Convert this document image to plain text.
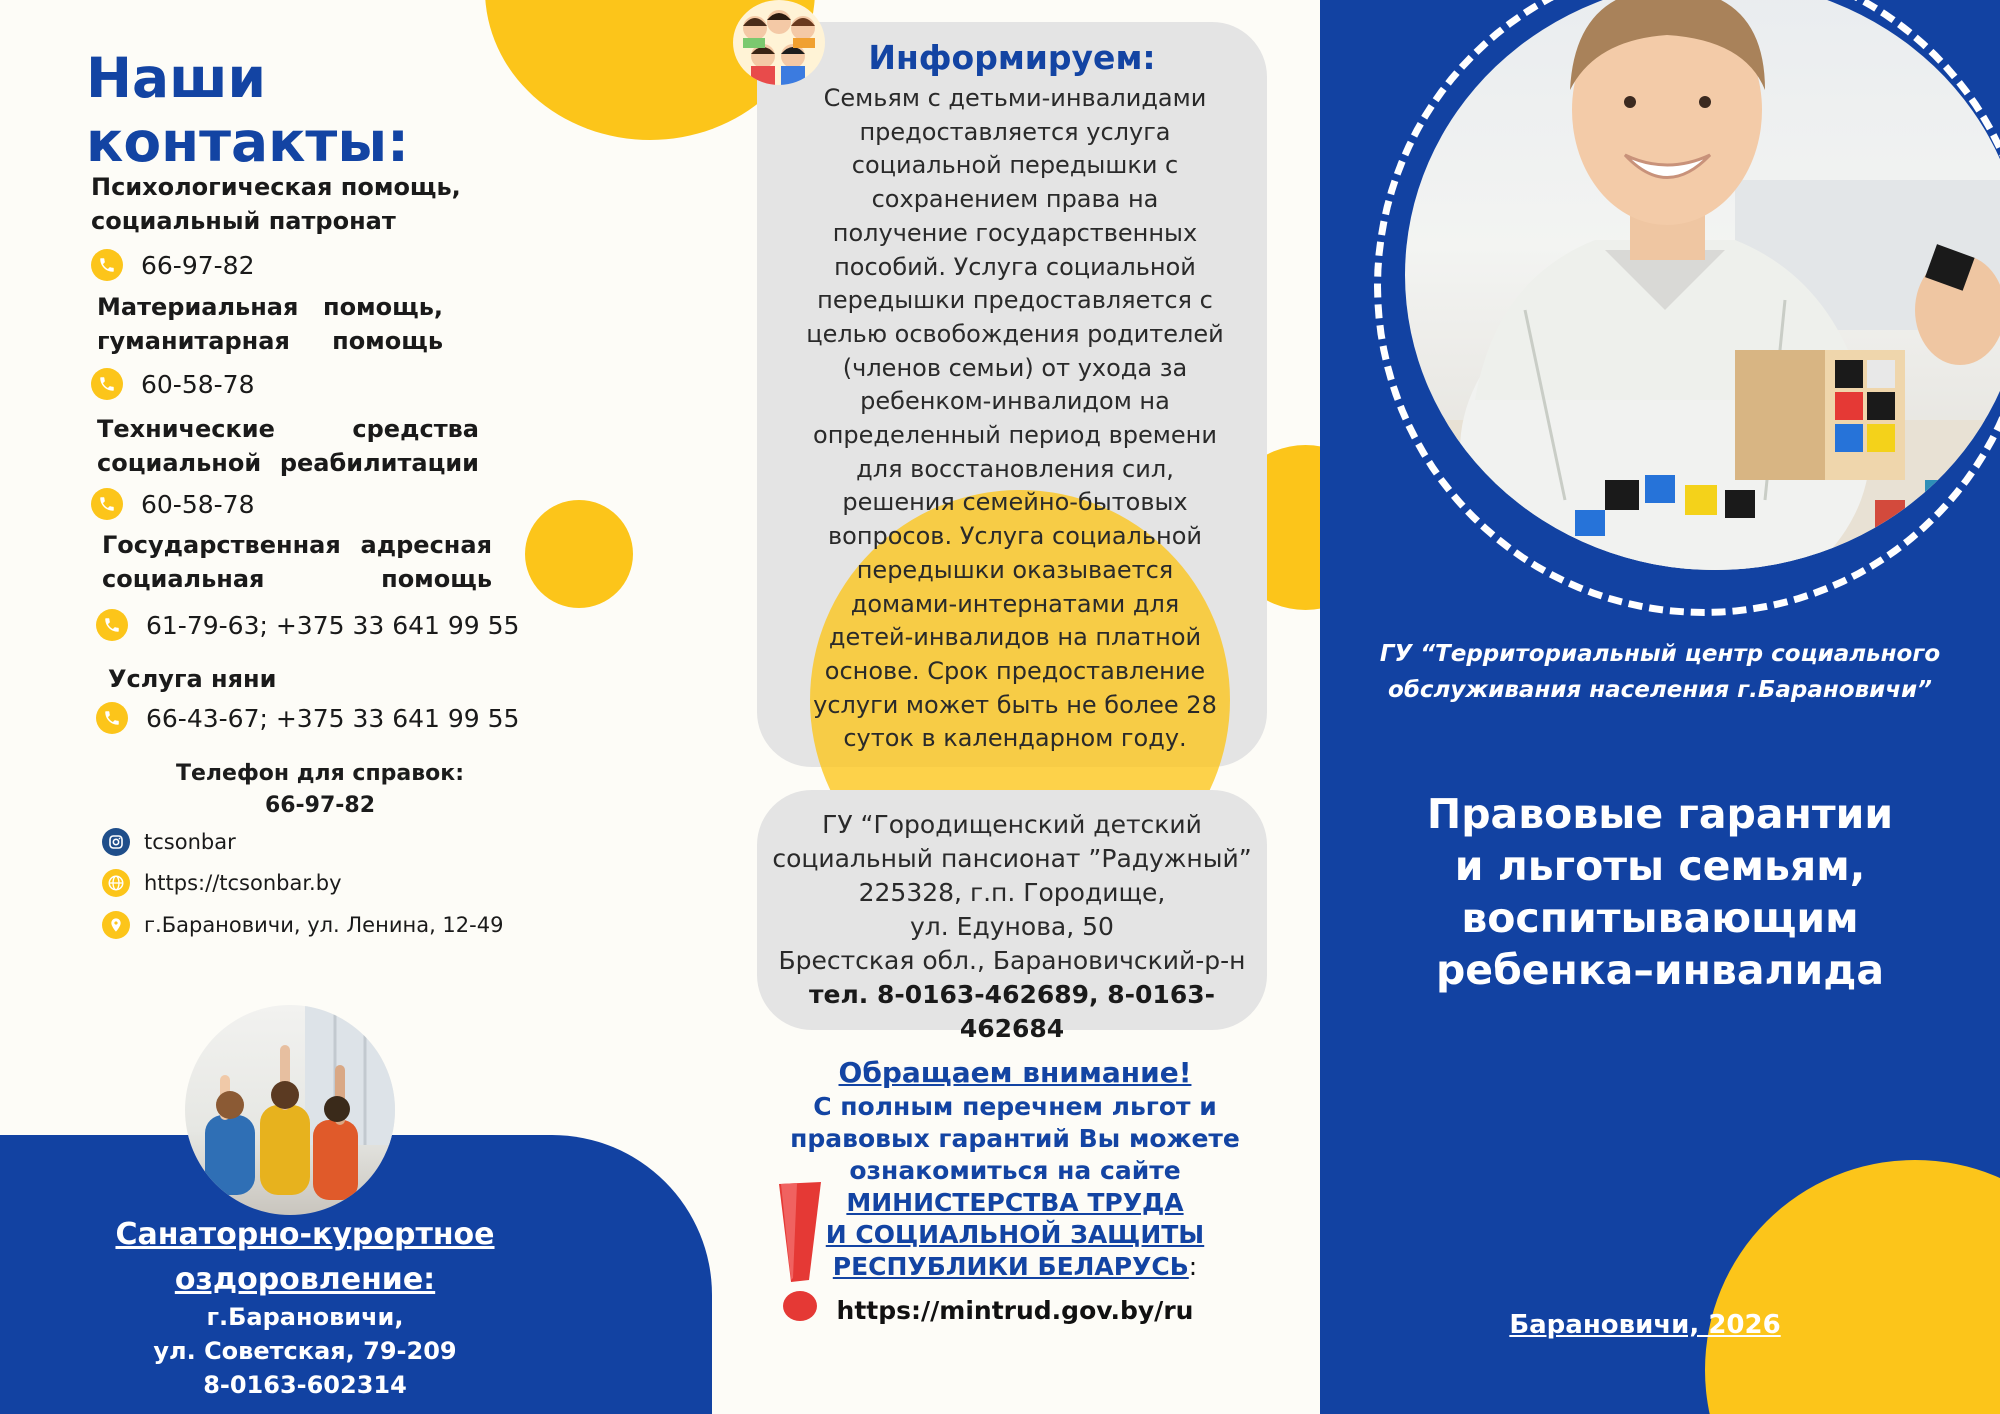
Наши контакты:
Психологическая помощь, социальный патронат
66-97-82
Материальная помощь, гуманитарная помощь
60-58-78
Технические средства социальной реабилитации
60-58-78
Государственная адресная социальная помощь
61-79-63; +375 33 641 99 55
Услуга няни
66-43-67; +375 33 641 99 55
Телефон для справок:
66-97-82
tcsonbar
https://tcsonbar.by
г.Барановичи, ул. Ленина, 12-49
Санаторно-курортное оздоровление:
г.Барановичи,
ул. Советская, 79-209
8-0163-602314
Информируем:
Семьям с детьми-инвалидами предоставляется услуга социальной передышки с сохранением права на получение государственных пособий. Услуга социальной передышки предоставляется с целью освобождения родителей (членов семьи) от ухода за ребенком-инвалидом на определенный период времени для восстановления сил, решения семейно-бытовых вопросов. Услуга социальной передышки оказывается домами-интернатами для детей-инвалидов на платной основе. Срок предоставление услуги может быть не более 28 суток в календарном году.
ГУ “Городищенский детский
социальный пансионат ”Радужный”
225328, г.п. Городище,
ул. Едунова, 50
Брестская обл., Барановичский-р-н
тел. 8-0163-462689, 8-0163-462684
Обращаем внимание!
С полным перечнем льгот и
правовых гарантий Вы можете
ознакомиться на сайте
МИНИСТЕРСТВА ТРУДА
И СОЦИАЛЬНОЙ ЗАЩИТЫ
РЕСПУБЛИКИ БЕЛАРУСЬ:
https://mintrud.gov.by/ru
ГУ “Территориальный центр социального
обслуживания населения г.Барановичи”
Правовые гарантии
и льготы семьям,
воспитывающим
ребенка–инвалида
Барановичи, 2026
